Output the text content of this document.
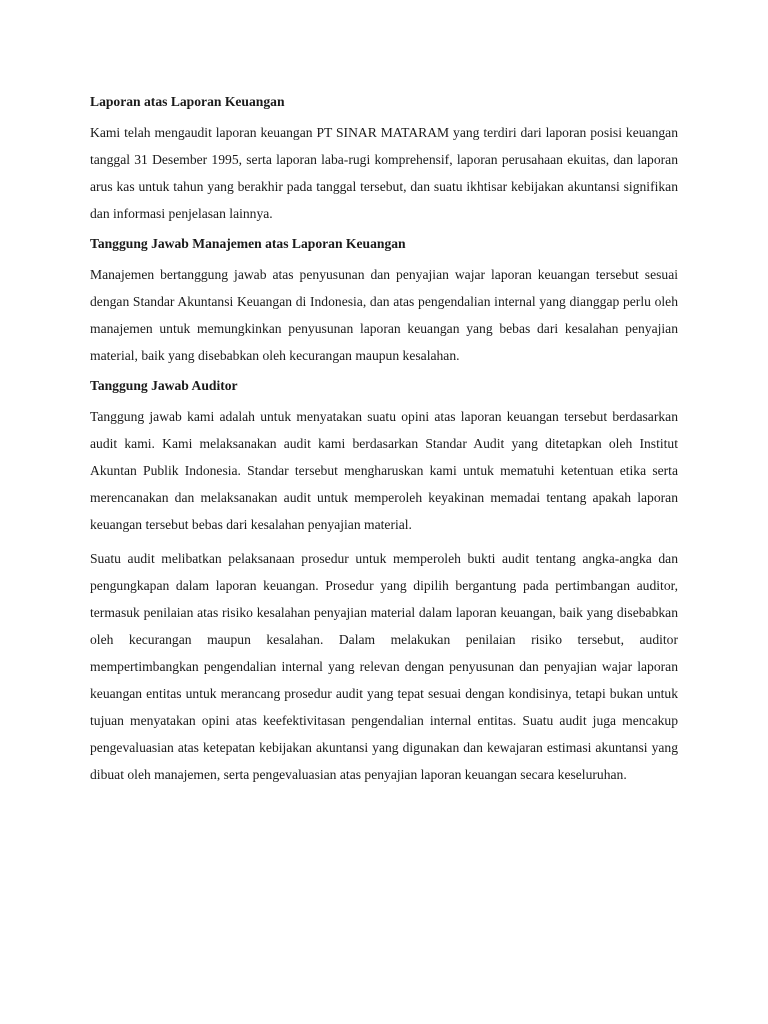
Laporan atas Laporan Keuangan
Kami telah mengaudit laporan keuangan PT SINAR MATARAM yang terdiri dari laporan posisi keuangan tanggal 31 Desember 1995, serta laporan laba-rugi komprehensif, laporan perusahaan ekuitas, dan laporan arus kas untuk tahun yang berakhir pada tanggal tersebut, dan suatu ikhtisar kebijakan akuntansi signifikan dan informasi penjelasan lainnya.
Tanggung Jawab Manajemen atas Laporan Keuangan
Manajemen bertanggung jawab atas penyusunan dan penyajian wajar laporan keuangan tersebut sesuai dengan Standar Akuntansi Keuangan di Indonesia, dan atas pengendalian internal yang dianggap perlu oleh manajemen untuk memungkinkan penyusunan laporan keuangan yang bebas dari kesalahan penyajian material, baik yang disebabkan oleh kecurangan maupun kesalahan.
Tanggung Jawab Auditor
Tanggung jawab kami adalah untuk menyatakan suatu opini atas laporan keuangan tersebut berdasarkan audit kami. Kami melaksanakan audit kami berdasarkan Standar Audit yang ditetapkan oleh Institut Akuntan Publik Indonesia. Standar tersebut mengharuskan kami untuk mematuhi ketentuan etika serta merencanakan dan melaksanakan audit untuk memperoleh keyakinan memadai tentang apakah laporan keuangan tersebut bebas dari kesalahan penyajian material.
Suatu audit melibatkan pelaksanaan prosedur untuk memperoleh bukti audit tentang angka-angka dan pengungkapan dalam laporan keuangan. Prosedur yang dipilih bergantung pada pertimbangan auditor, termasuk penilaian atas risiko kesalahan penyajian material dalam laporan keuangan, baik yang disebabkan oleh kecurangan maupun kesalahan. Dalam melakukan penilaian risiko tersebut, auditor mempertimbangkan pengendalian internal yang relevan dengan penyusunan dan penyajian wajar laporan keuangan entitas untuk merancang prosedur audit yang tepat sesuai dengan kondisinya, tetapi bukan untuk tujuan menyatakan opini atas keefektivitasan pengendalian internal entitas. Suatu audit juga mencakup pengevaluasian atas ketepatan kebijakan akuntansi yang digunakan dan kewajaran estimasi akuntansi yang dibuat oleh manajemen, serta pengevaluasian atas penyajian laporan keuangan secara keseluruhan.
